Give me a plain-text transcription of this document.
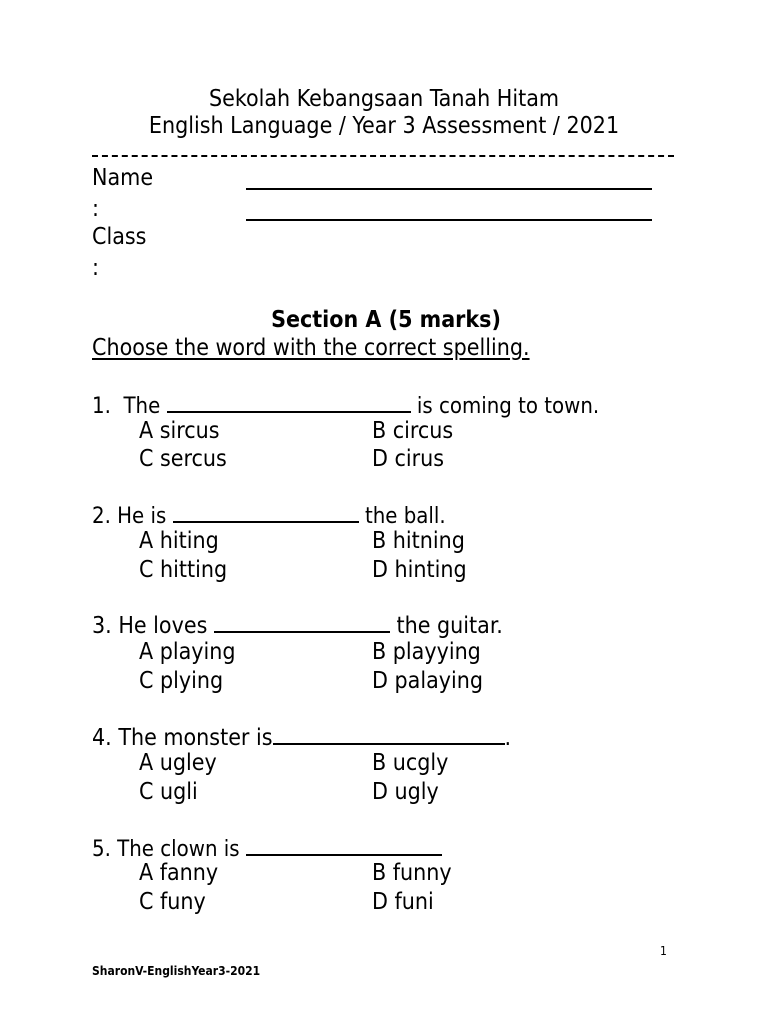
Sekolah Kebangsaan Tanah Hitam
English Language / Year 3 Assessment / 2021
Name
:
Class
:
Section A (5 marks)
Choose the word with the correct spelling.
1. The	is coming to town.
A sircus	B circus
C sercus	D cirus
2. He is	the ball.
A hiting	B hitning
C hitting	D hinting
3. He loves	the guitar.
A playing	B playying
C plying	D palaying
4. The monster is	.
A ugley	B ucgly
C ugli	D ugly
5. The clown is
A fanny	B funny
C funy	D funi
1
SharonV-EnglishYear3-2021
